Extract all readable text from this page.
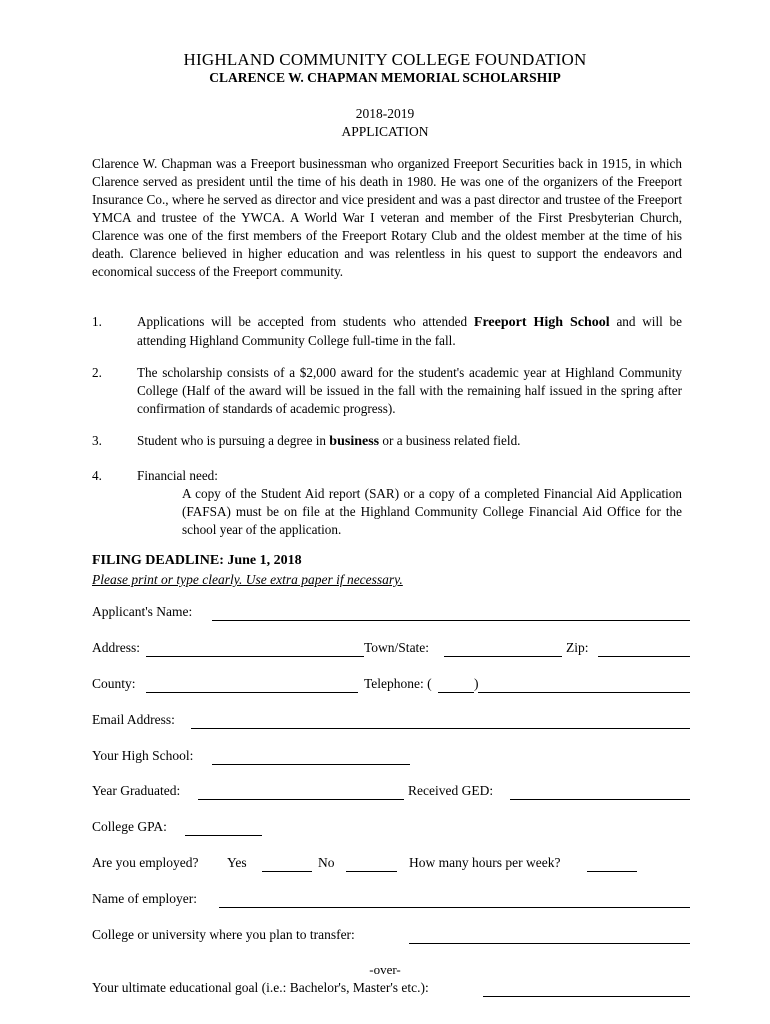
HIGHLAND COMMUNITY COLLEGE FOUNDATION
CLARENCE W. CHAPMAN MEMORIAL SCHOLARSHIP
2018-2019
APPLICATION
Clarence W. Chapman was a Freeport businessman who organized Freeport Securities back in 1915, in which Clarence served as president until the time of his death in 1980. He was one of the organizers of the Freeport Insurance Co., where he served as director and vice president and was a past director and trustee of the Freeport YMCA and trustee of the YWCA. A World War I veteran and member of the First Presbyterian Church, Clarence was one of the first members of the Freeport Rotary Club and the oldest member at the time of his death. Clarence believed in higher education and was relentless in his quest to support the endeavors and economical success of the Freeport community.
1.	Applications will be accepted from students who attended Freeport High School and will be attending Highland Community College full-time in the fall.
2.	The scholarship consists of a $2,000 award for the student's academic year at Highland Community College (Half of the award will be issued in the fall with the remaining half issued in the spring after confirmation of standards of academic progress).
3.	Student who is pursuing a degree in business or a business related field.
4.	Financial need:
A copy of the Student Aid report (SAR) or a copy of a completed Financial Aid Application (FAFSA) must be on file at the Highland Community College Financial Aid Office for the school year of the application.
FILING DEADLINE: June 1, 2018
Please print or type clearly. Use extra paper if necessary.
Applicant's Name:
Address:	Town/State:	Zip:
County:	Telephone: (	)
Email Address:
Your High School:
Year Graduated:	Received GED:
College GPA:
Are you employed? Yes	No	How many hours per week?
Name of employer:
College or university where you plan to transfer:
-over-
Your ultimate educational goal (i.e.: Bachelor's, Master's etc.):
